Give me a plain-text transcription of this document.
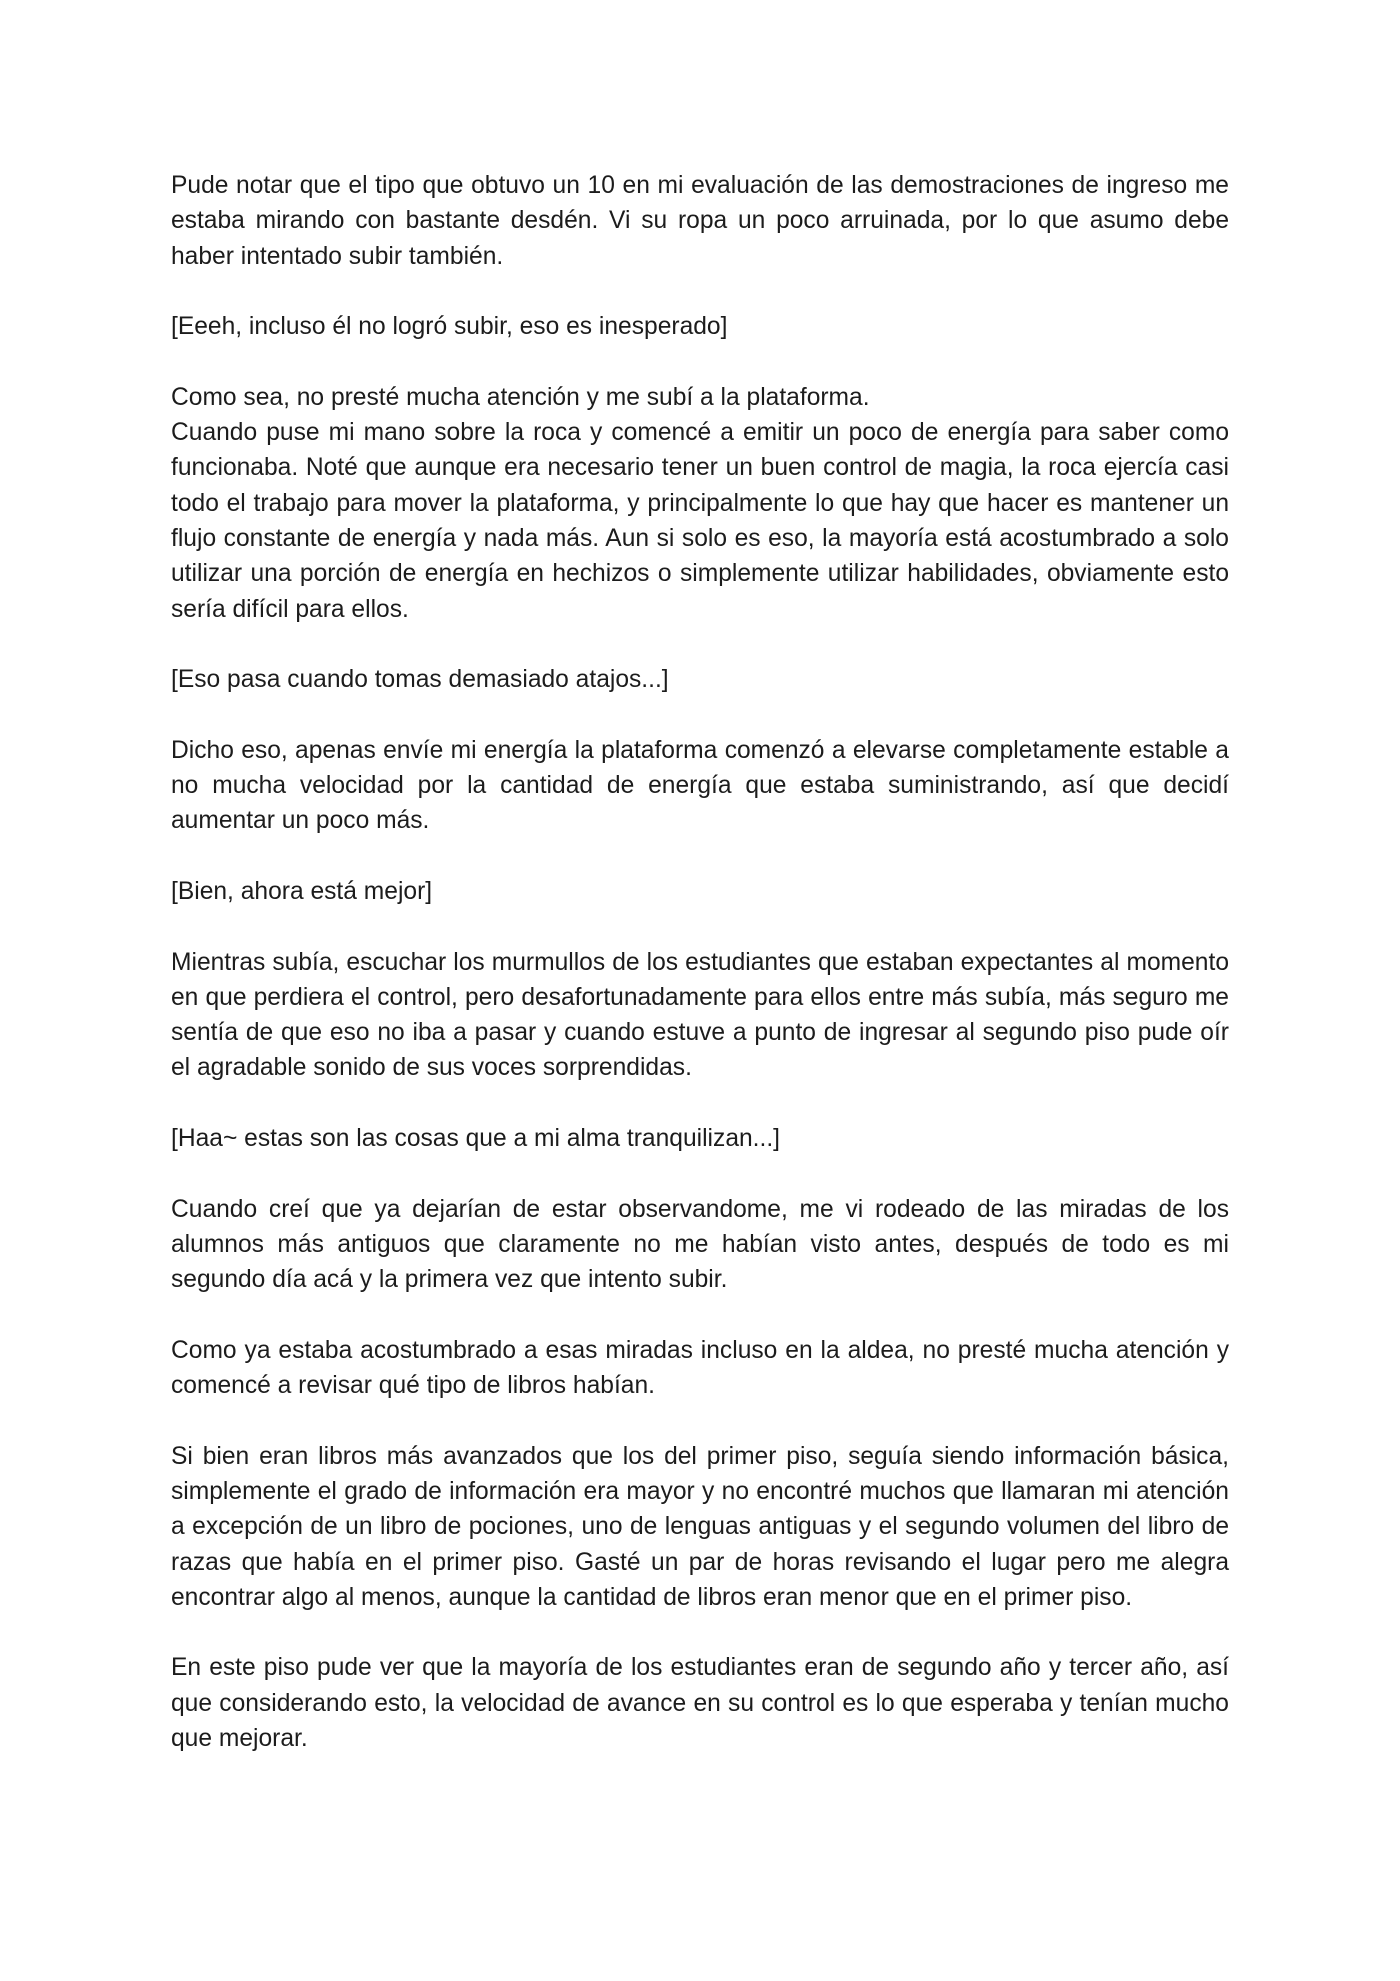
Pude notar que el tipo que obtuvo un 10 en mi evaluación de las demostraciones de ingreso me estaba mirando con bastante desdén. Vi su ropa un poco arruinada, por lo que asumo debe haber intentado subir también.

[Eeeh, incluso él no logró subir, eso es inesperado]

Como sea, no presté mucha atención y me subí a la plataforma.

Cuando puse mi mano sobre la roca y comencé a emitir un poco de energía para saber como funcionaba. Noté que aunque era necesario tener un buen control de magia, la roca ejercía casi todo el trabajo para mover la plataforma, y principalmente lo que hay que hacer es mantener un flujo constante de energía y nada más. Aun si solo es eso, la mayoría está acostumbrado a solo utilizar una porción de energía en hechizos o simplemente utilizar habilidades, obviamente esto sería difícil para ellos.

[Eso pasa cuando tomas demasiado atajos...]

Dicho eso, apenas envíe mi energía la plataforma comenzó a elevarse completamente estable a no mucha velocidad por la cantidad de energía que estaba suministrando, así que decidí aumentar un poco más.

[Bien, ahora está mejor]

Mientras subía, escuchar los murmullos de los estudiantes que estaban expectantes al momento en que perdiera el control, pero desafortunadamente para ellos entre más subía, más seguro me sentía de que eso no iba a pasar y cuando estuve a punto de ingresar al segundo piso pude oír el agradable sonido de sus voces sorprendidas.

[Haa~ estas son las cosas que a mi alma tranquilizan...]

Cuando creí que ya dejarían de estar observandome, me vi rodeado de las miradas de los alumnos más antiguos que claramente no me habían visto antes, después de todo es mi segundo día acá y la primera vez que intento subir.

Como ya estaba acostumbrado a esas miradas incluso en la aldea, no presté mucha atención y comencé a revisar qué tipo de libros habían.

Si bien eran libros más avanzados que los del primer piso, seguía siendo información básica, simplemente el grado de información era mayor y no encontré muchos que llamaran mi atención a excepción de un libro de pociones, uno de lenguas antiguas y el segundo volumen del libro de razas que había en el primer piso. Gasté un par de horas revisando el lugar pero me alegra encontrar algo al menos, aunque la cantidad de libros eran menor que en el primer piso.

En este piso pude ver que la mayoría de los estudiantes eran de segundo año y tercer año, así que considerando esto, la velocidad de avance en su control es lo que esperaba y tenían mucho que mejorar.
